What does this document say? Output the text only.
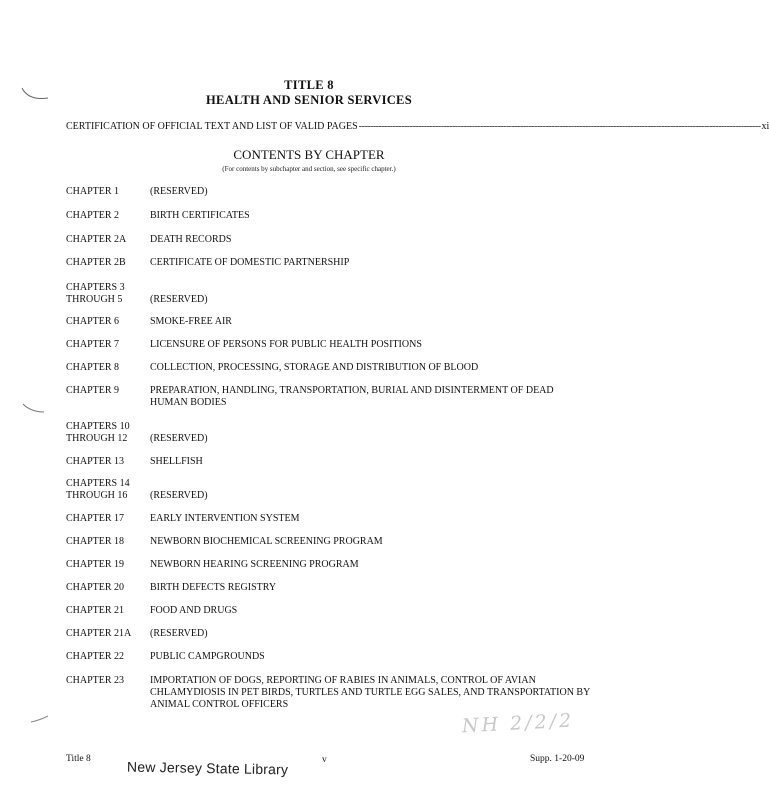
TITLE 8
HEALTH AND SENIOR SERVICES
CERTIFICATION OF OFFICIAL TEXT AND LIST OF VALID PAGES ---------------------------------------------------------------------------------------------------------------------------------------------- xi
CONTENTS BY CHAPTER
(For contents by subchapter and section, see specific chapter.)
CHAPTER 1	(RESERVED)
CHAPTER 2	BIRTH CERTIFICATES
CHAPTER 2A	DEATH RECORDS
CHAPTER 2B	CERTIFICATE OF DOMESTIC PARTNERSHIP
CHAPTERS 3
THROUGH 5	(RESERVED)
CHAPTER 6	SMOKE-FREE AIR
CHAPTER 7	LICENSURE OF PERSONS FOR PUBLIC HEALTH POSITIONS
CHAPTER 8	COLLECTION, PROCESSING, STORAGE AND DISTRIBUTION OF BLOOD
CHAPTER 9	PREPARATION, HANDLING, TRANSPORTATION, BURIAL AND DISINTERMENT OF DEAD HUMAN BODIES
CHAPTERS 10
THROUGH 12	(RESERVED)
CHAPTER 13	SHELLFISH
CHAPTERS 14
THROUGH 16	(RESERVED)
CHAPTER 17	EARLY INTERVENTION SYSTEM
CHAPTER 18	NEWBORN BIOCHEMICAL SCREENING PROGRAM
CHAPTER 19	NEWBORN HEARING SCREENING PROGRAM
CHAPTER 20	BIRTH DEFECTS REGISTRY
CHAPTER 21	FOOD AND DRUGS
CHAPTER 21A	(RESERVED)
CHAPTER 22	PUBLIC CAMPGROUNDS
CHAPTER 23	IMPORTATION OF DOGS, REPORTING OF RABIES IN ANIMALS, CONTROL OF AVIAN CHLAMYDIOSIS IN PET BIRDS, TURTLES AND TURTLE EGG SALES, AND TRANSPORTATION BY ANIMAL CONTROL OFFICERS
NH 2/2/2
Title 8	New Jersey State Library	v	Supp. 1-20-09
